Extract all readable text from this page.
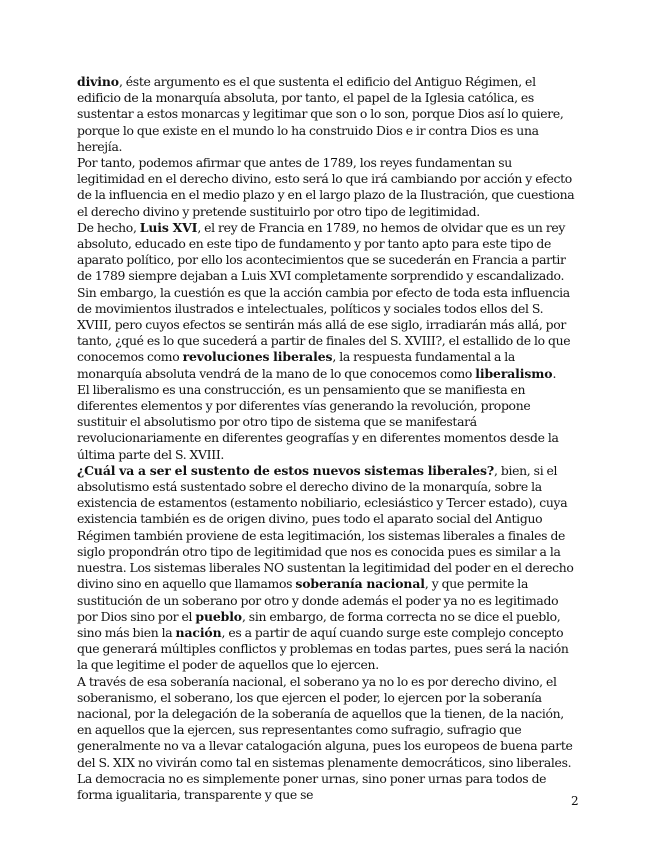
divino, éste argumento es el que sustenta el edificio del Antiguo Régimen, el edificio de la monarquía absoluta, por tanto, el papel de la Iglesia católica, es sustentar a estos monarcas y legitimar que son o lo son, porque Dios así lo quiere, porque lo que existe en el mundo lo ha construido Dios e ir contra Dios es una herejía.

Por tanto, podemos afirmar que antes de 1789, los reyes fundamentan su legitimidad en el derecho divino, esto será lo que irá cambiando por acción y efecto de la influencia en el medio plazo y en el largo plazo de la Ilustración, que cuestiona el derecho divino y pretende sustituirlo por otro tipo de legitimidad.

De hecho, Luis XVI, el rey de Francia en 1789, no hemos de olvidar que es un rey absoluto, educado en este tipo de fundamento y por tanto apto para este tipo de aparato político, por ello los acontecimientos que se sucederán en Francia a partir de 1789 siempre dejaban a Luis XVI completamente sorprendido y escandalizado.

Sin embargo, la cuestión es que la acción cambia por efecto de toda esta influencia de movimientos ilustrados e intelectuales, políticos y sociales todos ellos del S. XVIII, pero cuyos efectos se sentirán más allá de ese siglo, irradiarán más allá, por tanto, ¿qué es lo que sucederá a partir de finales del S. XVIII?, el estallido de lo que conocemos como revoluciones liberales, la respuesta fundamental a la monarquía absoluta vendrá de la mano de lo que conocemos como liberalismo.

El liberalismo es una construcción, es un pensamiento que se manifiesta en diferentes elementos y por diferentes vías generando la revolución, propone sustituir el absolutismo por otro tipo de sistema que se manifestará revolucionariamente en diferentes geografías y en diferentes momentos desde la última parte del S. XVIII.

¿Cuál va a ser el sustento de estos nuevos sistemas liberales?, bien, si el absolutismo está sustentado sobre el derecho divino de la monarquía, sobre la existencia de estamentos (estamento nobiliario, eclesiástico y Tercer estado), cuya existencia también es de origen divino, pues todo el aparato social del Antiguo Régimen también proviene de esta legitimación, los sistemas liberales a finales de siglo propondrán otro tipo de legitimidad que nos es conocida pues es similar a la nuestra. Los sistemas liberales NO sustentan la legitimidad del poder en el derecho divino sino en aquello que llamamos soberanía nacional, y que permite la sustitución de un soberano por otro y donde además el poder ya no es legitimado por Dios sino por el pueblo, sin embargo, de forma correcta no se dice el pueblo, sino más bien la nación, es a partir de aquí cuando surge este complejo concepto que generará múltiples conflictos y problemas en todas partes, pues será la nación la que legitime el poder de aquellos que lo ejercen.

A través de esa soberanía nacional, el soberano ya no lo es por derecho divino, el soberanismo, el soberano, los que ejercen el poder, lo ejercen por la soberanía nacional, por la delegación de la soberanía de aquellos que la tienen, de la nación, en aquellos que la ejercen, sus representantes como sufragio, sufragio que generalmente no va a llevar catalogación alguna, pues los europeos de buena parte del S. XIX no vivirán como tal en sistemas plenamente democráticos, sino liberales. La democracia no es simplemente poner urnas, sino poner urnas para todos de forma igualitaria, transparente y que se	2
